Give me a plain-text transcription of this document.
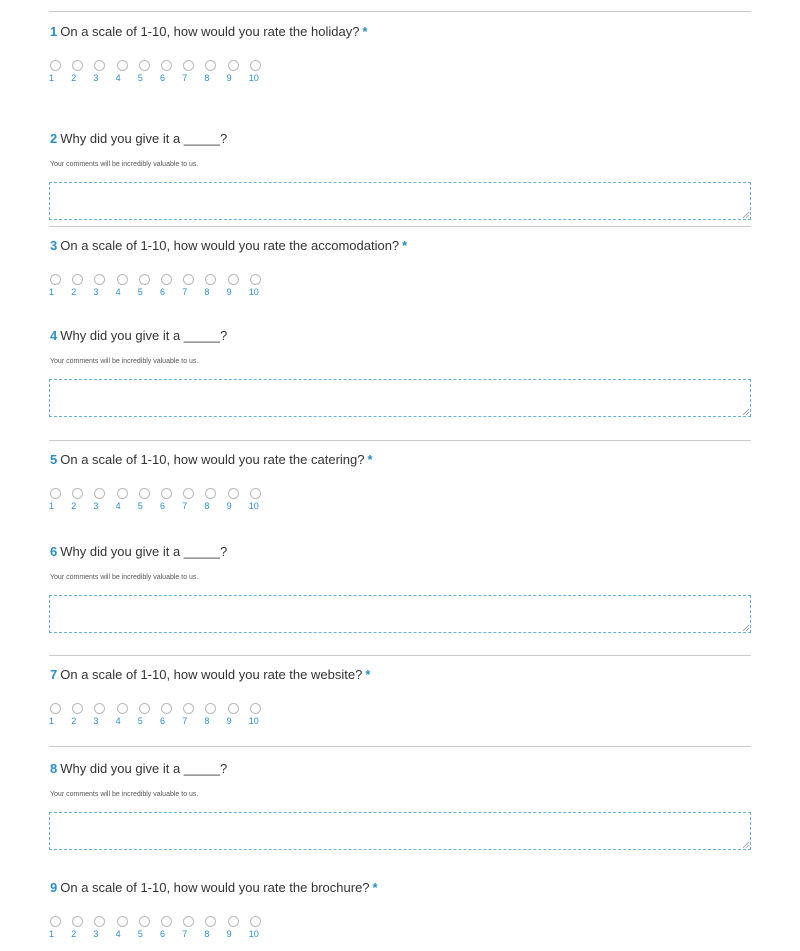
1 On a scale of 1-10, how would you rate the holiday? *
1 2 3 4 5 6 7 8 9 10
2 Why did you give it a _____?
Your comments will be incredibly valuable to us.
3 On a scale of 1-10, how would you rate the accomodation? *
1 2 3 4 5 6 7 8 9 10
4 Why did you give it a _____?
Your comments will be incredibly valuable to us.
5 On a scale of 1-10, how would you rate the catering? *
1 2 3 4 5 6 7 8 9 10
6 Why did you give it a _____?
Your comments will be incredibly valuable to us.
7 On a scale of 1-10, how would you rate the website? *
1 2 3 4 5 6 7 8 9 10
8 Why did you give it a _____?
Your comments will be incredibly valuable to us.
9 On a scale of 1-10, how would you rate the brochure? *
1 2 3 4 5 6 7 8 9 10
